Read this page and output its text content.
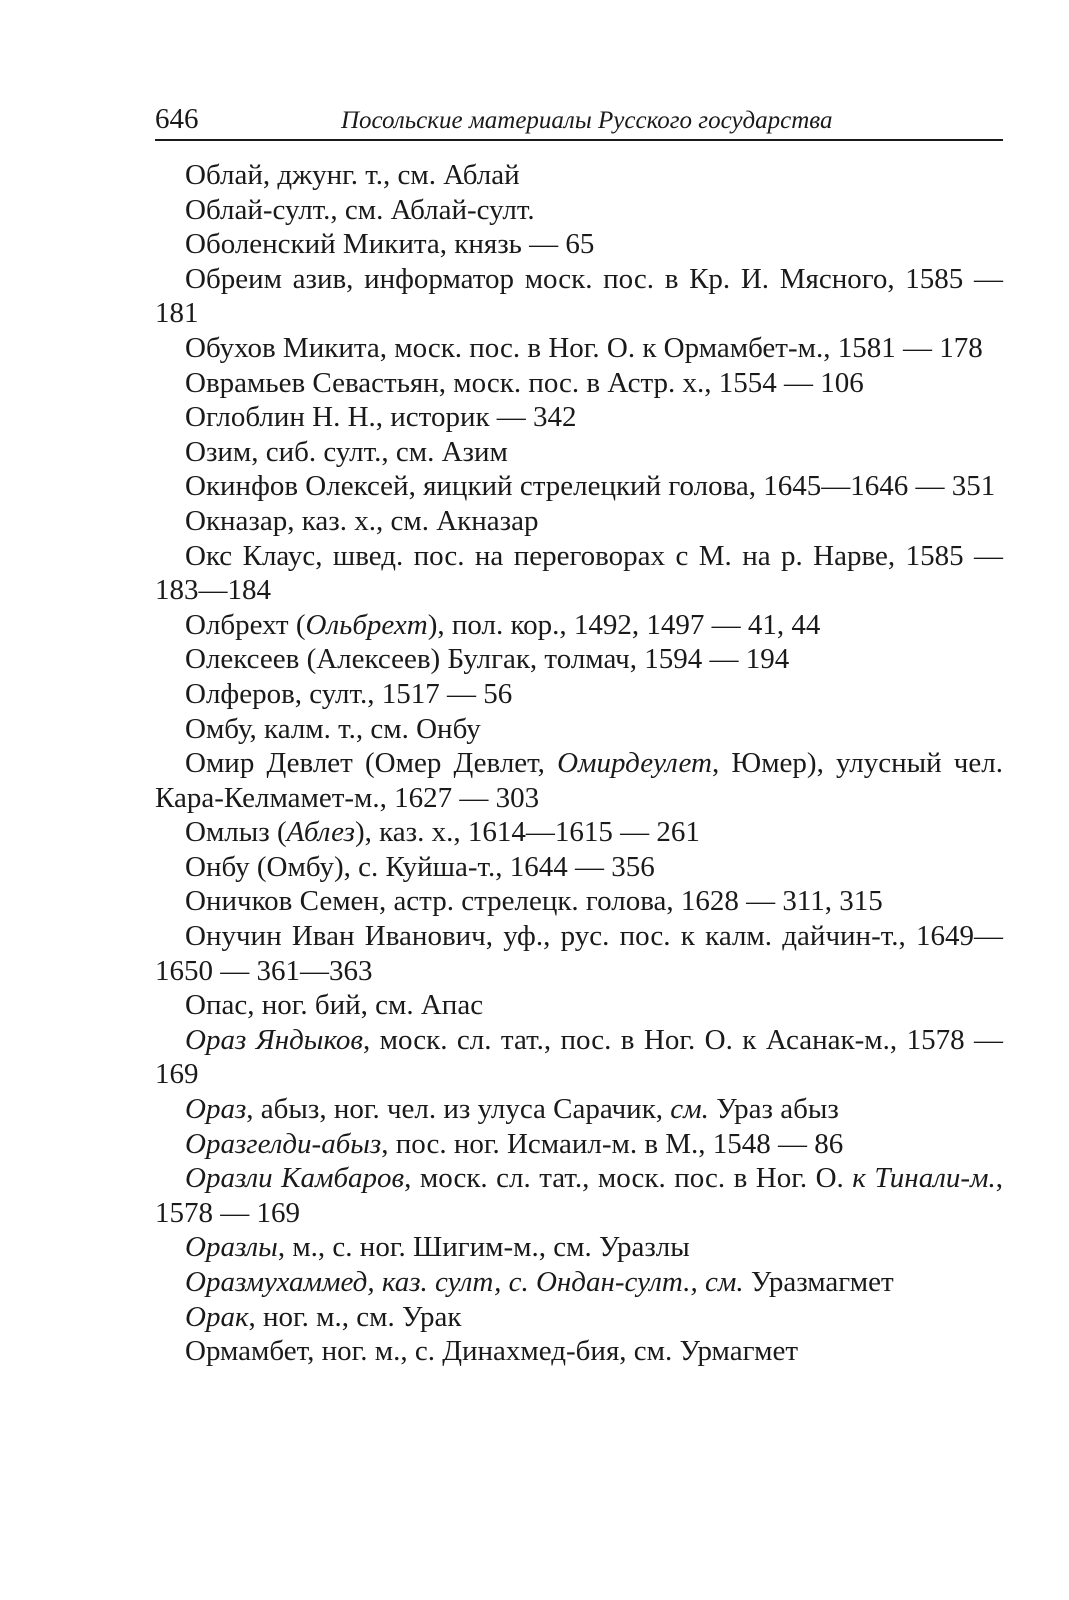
646	Посольские материалы Русского государства

Облай, джунг. т., см. Аблай

Облай-султ., см. Аблай-султ.

Оболенский Микита, князь — 65

Обреим азив, информатор моск. пос. в Кр. И. Мясного, 1585 — 181

Обухов Микита, моск. пос. в Ног. О. к Ормамбет-м., 1581 — 178

Оврамьев Севастьян, моск. пос. в Астр. х., 1554 — 106

Оглоблин Н. Н., историк — 342

Озим, сиб. султ., см. Азим

Окинфов Олексей, яицкий стрелецкий голова, 1645—1646 — 351

Окназар, каз. х., см. Акназар

Окс Клаус, швед. пос. на переговорах с М. на р. Нарве, 1585 — 183—184

Олбрехт (Ольбрехт), пол. кор., 1492, 1497 — 41, 44

Олексеев (Алексеев) Булгак, толмач, 1594 — 194

Олферов, султ., 1517 — 56

Омбу, калм. т., см. Онбу

Омир Девлет (Омер Девлет, Омирдеулет, Юмер), улусный чел. Кара-Келмамет-м., 1627 — 303

Омлыз (Аблез), каз. х., 1614—1615 — 261

Онбу (Омбу), с. Куйша-т., 1644 — 356

Оничков Семен, астр. стрелецк. голова, 1628 — 311, 315

Онучин Иван Иванович, уф., рус. пос. к калм. дайчин-т., 1649—1650 — 361—363

Опас, ног. бий, см. Апас

Ораз Яндыков, моск. сл. тат., пос. в Ног. О. к Асанак-м., 1578 — 169

Ораз, абыз, ног. чел. из улуса Сарачик, см. Ураз абыз

Оразгелди-абыз, пос. ног. Исмаил-м. в М., 1548 — 86

Оразли Камбаров, моск. сл. тат., моск. пос. в Ног. О. к Тинали-м., 1578 — 169

Оразлы, м., с. ног. Шигим-м., см. Уразлы

Оразмухаммед, каз. султ, с. Ондан-султ., см. Уразмагмет

Орак, ног. м., см. Урак

Ормамбет, ног. м., с. Динахмед-бия, см. Урмагмет
